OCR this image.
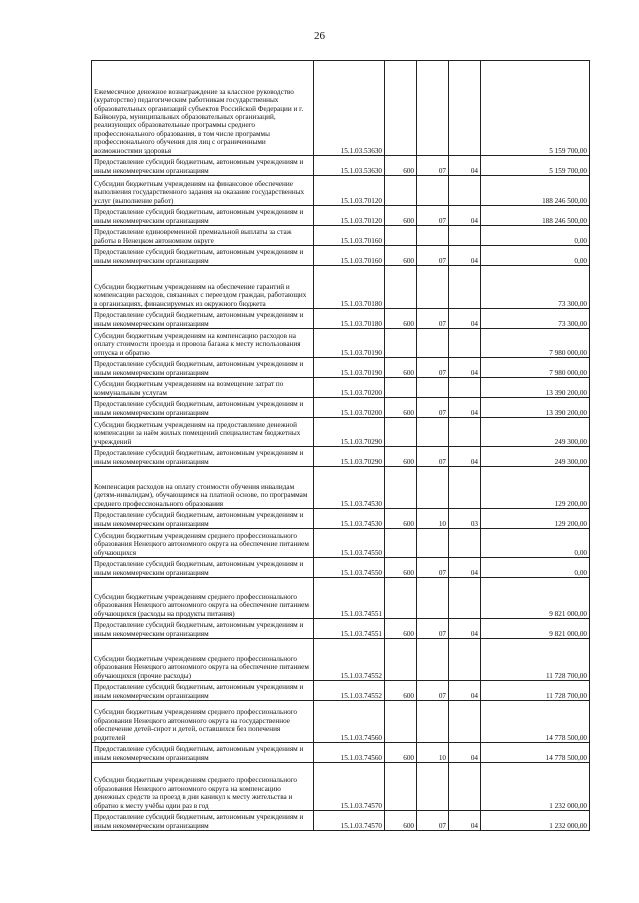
26
Ежемесячное денежное вознаграждение за классное руководство (кураторство) педагогическим работникам государственных образовательных организаций субъектов Российской Федерации и г. Байконура, муниципальных образовательных организаций, реализующих образовательные программы среднего профессионального образования, в том числе программы профессионального обучения для лиц с ограниченными возможностями здоровья	15.1.03.53630				5 159 700,00
Предоставление субсидий бюджетным, автономным учреждениям и иным некоммерческим организациям	15.1.03.53630	600	07	04	5 159 700,00
Субсидии бюджетным учреждениям на финансовое обеспечение выполнения государственного задания на оказание государственных услуг (выполнение работ)	15.1.03.70120				188 246 500,00
Предоставление субсидий бюджетным, автономным учреждениям и иным некоммерческим организациям	15.1.03.70120	600	07	04	188 246 500,00
Предоставление единовременной премиальной выплаты за стаж работы в Ненецком автономном округе	15.1.03.70160				0,00
Предоставление субсидий бюджетным, автономным учреждениям и иным некоммерческим организациям	15.1.03.70160	600	07	04	0,00
Субсидии бюджетным учреждениям на обеспечение гарантий и компенсации расходов, связанных с переездом граждан, работающих в организациях, финансируемых из окружного бюджета	15.1.03.70180				73 300,00
Предоставление субсидий бюджетным, автономным учреждениям и иным некоммерческим организациям	15.1.03.70180	600	07	04	73 300,00
Субсидии бюджетным учреждениям на компенсацию расходов на оплату стоимости проезда и провоза багажа к месту использования отпуска и обратно	15.1.03.70190				7 980 000,00
Предоставление субсидий бюджетным, автономным учреждениям и иным некоммерческим организациям	15.1.03.70190	600	07	04	7 980 000,00
Субсидии бюджетным учреждениям на возмещение затрат по коммунальным услугам	15.1.03.70200				13 390 200,00
Предоставление субсидий бюджетным, автономным учреждениям и иным некоммерческим организациям	15.1.03.70200	600	07	04	13 390 200,00
Субсидии бюджетным учреждениям на предоставление денежной компенсации за наём жилых помещений специалистам бюджетных учреждений	15.1.03.70290				249 300,00
Предоставление субсидий бюджетным, автономным учреждениям и иным некоммерческим организациям	15.1.03.70290	600	07	04	249 300,00
Компенсация расходов на оплату стоимости обучения инвалидам (детям-инвалидам), обучающимся на платной основе, по программам среднего профессионального образования	15.1.03.74530				129 200,00
Предоставление субсидий бюджетным, автономным учреждениям и иным некоммерческим организациям	15.1.03.74530	600	10	03	129 200,00
Субсидии бюджетным учреждениям среднего профессионального образования Ненецкого автономного округа на обеспечение питанием обучающихся	15.1.03.74550				0,00
Предоставление субсидий бюджетным, автономным учреждениям и иным некоммерческим организациям	15.1.03.74550	600	07	04	0,00
Субсидии бюджетным учреждениям среднего профессионального образования Ненецкого автономного округа на обеспечение питанием обучающихся (расходы на продукты питания)	15.1.03.74551				9 821 000,00
Предоставление субсидий бюджетным, автономным учреждениям и иным некоммерческим организациям	15.1.03.74551	600	07	04	9 821 000,00
Субсидии бюджетным учреждениям среднего профессионального образования Ненецкого автономного округа на обеспечение питанием обучающихся (прочие расходы)	15.1.03.74552				11 728 700,00
Предоставление субсидий бюджетным, автономным учреждениям и иным некоммерческим организациям	15.1.03.74552	600	07	04	11 728 700,00
Субсидии бюджетным учреждениям среднего профессионального образования Ненецкого автономного округа на государственное обеспечение детей-сирот и детей, оставшихся без попечения родителей	15.1.03.74560				14 778 500,00
Предоставление субсидий бюджетным, автономным учреждениям и иным некоммерческим организациям	15.1.03.74560	600	10	04	14 778 500,00
Субсидии бюджетным учреждениям среднего профессионального образования Ненецкого автономного округа на компенсацию денежных средств за проезд в дни каникул к месту жительства и обратно к месту учёбы один раз в год	15.1.03.74570				1 232 000,00
Предоставление субсидий бюджетным, автономным учреждениям и иным некоммерческим организациям	15.1.03.74570	600	07	04	1 232 000,00
